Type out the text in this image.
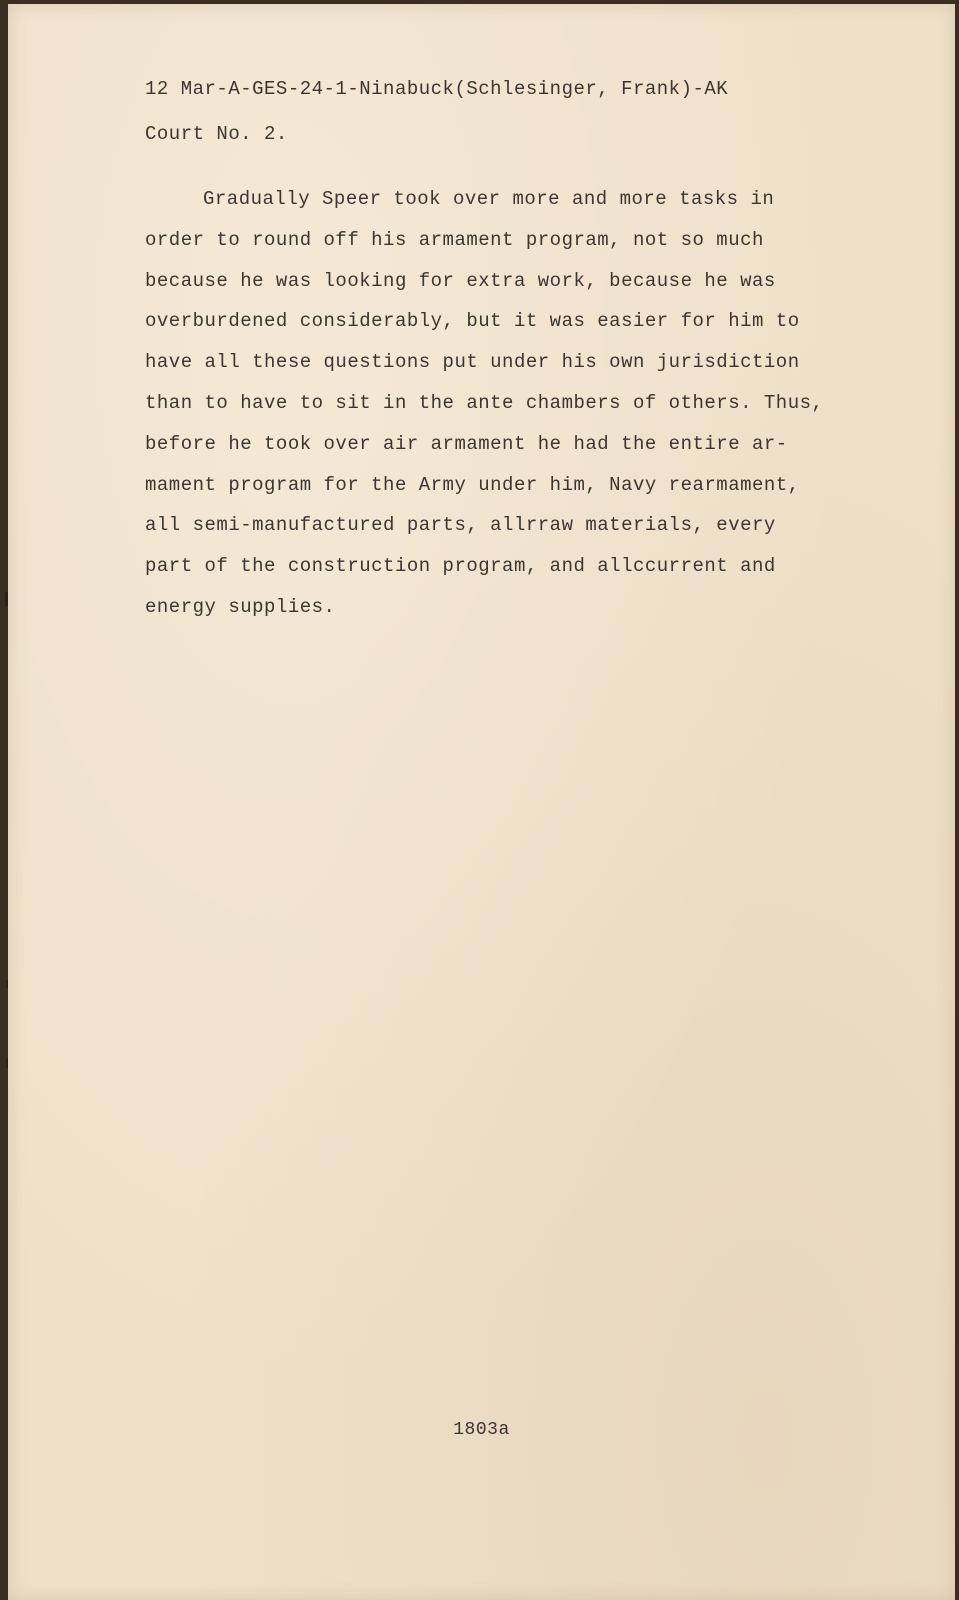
12 Mar-A-GES-24-1-Ninabuck(Schlesinger, Frank)-AK
Court No. 2.
Gradually Speer took over more and more tasks in
order to round off his armament program, not so much
because he was looking for extra work, because he was
overburdened considerably, but it was easier for him to
have all these questions put under his own jurisdiction
than to have to sit in the ante chambers of others. Thus,
before he took over air armament he had the entire ar-
mament program for the Army under him, Navy rearmament,
all semi-manufactured parts, allrraw materials, every
part of the construction program, and allccurrent and
energy supplies.
1803a
